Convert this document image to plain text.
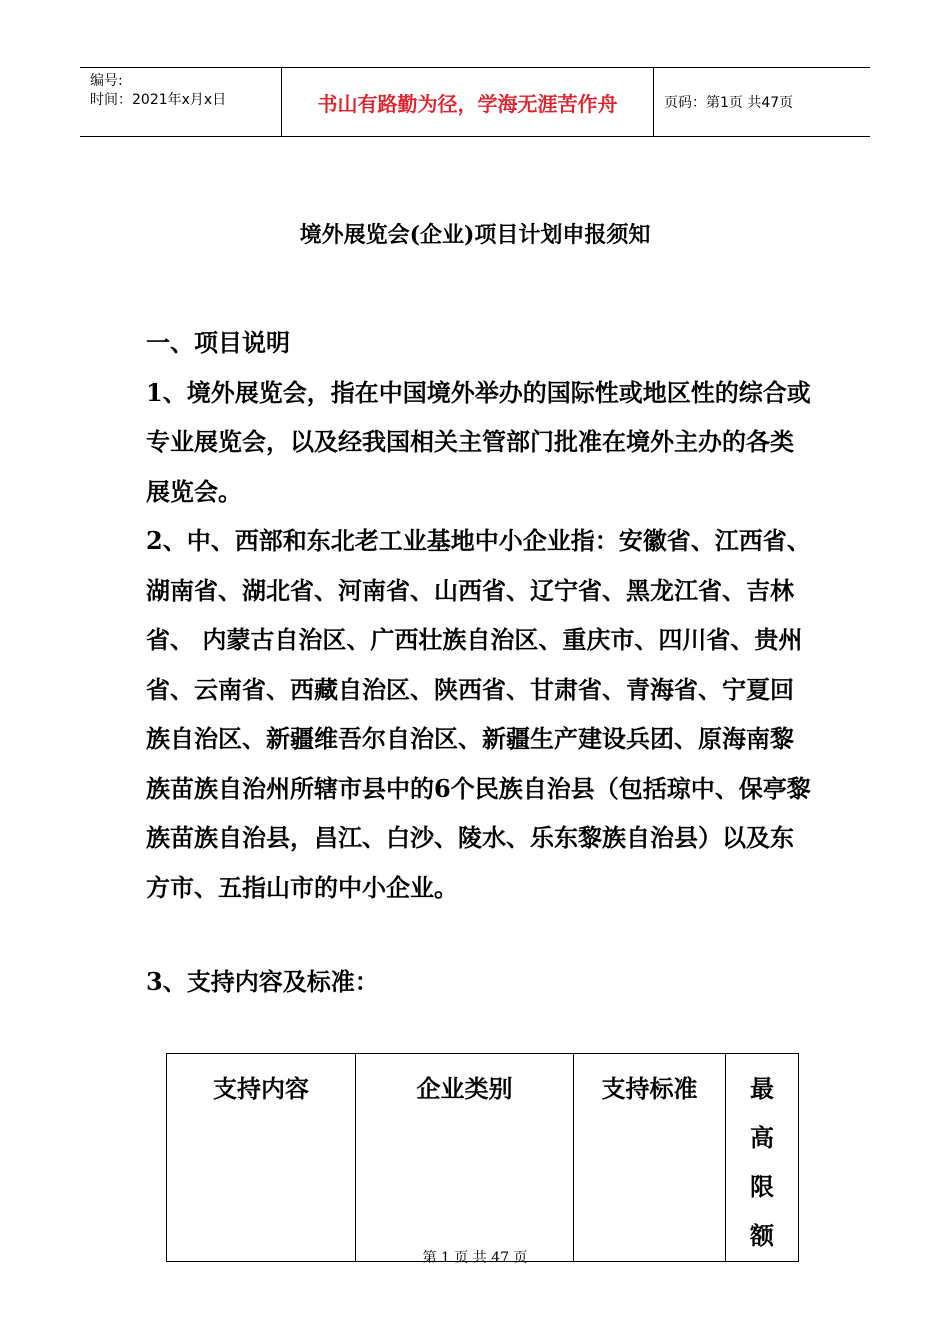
编号:
时间：2021年x月x日	书山有路勤为径，学海无涯苦作舟	页码：第1页 共47页
境外展览会(企业)项目计划申报须知

一、项目说明

1、境外展览会，指在中国境外举办的国际性或地区性的综合或专业展览会，以及经我国相关主管部门批准在境外主办的各类展览会。

2、中、西部和东北老工业基地中小企业指：安徽省、江西省、湖南省、湖北省、河南省、山西省、辽宁省、黑龙江省、吉林省、 内蒙古自治区、广西壮族自治区、重庆市、四川省、贵州省、云南省、西藏自治区、陕西省、甘肃省、青海省、宁夏回族自治区、新疆维吾尔自治区、新疆生产建设兵团、原海南黎族苗族自治州所辖市县中的6个民族自治县（包括琼中、保亭黎族苗族自治县，昌江、白沙、陵水、乐东黎族自治县）以及东方市、五指山市的中小企业。

3、支持内容及标准：
支持内容	企业类别	支持标准	最高限额
第 1 页 共 47 页
